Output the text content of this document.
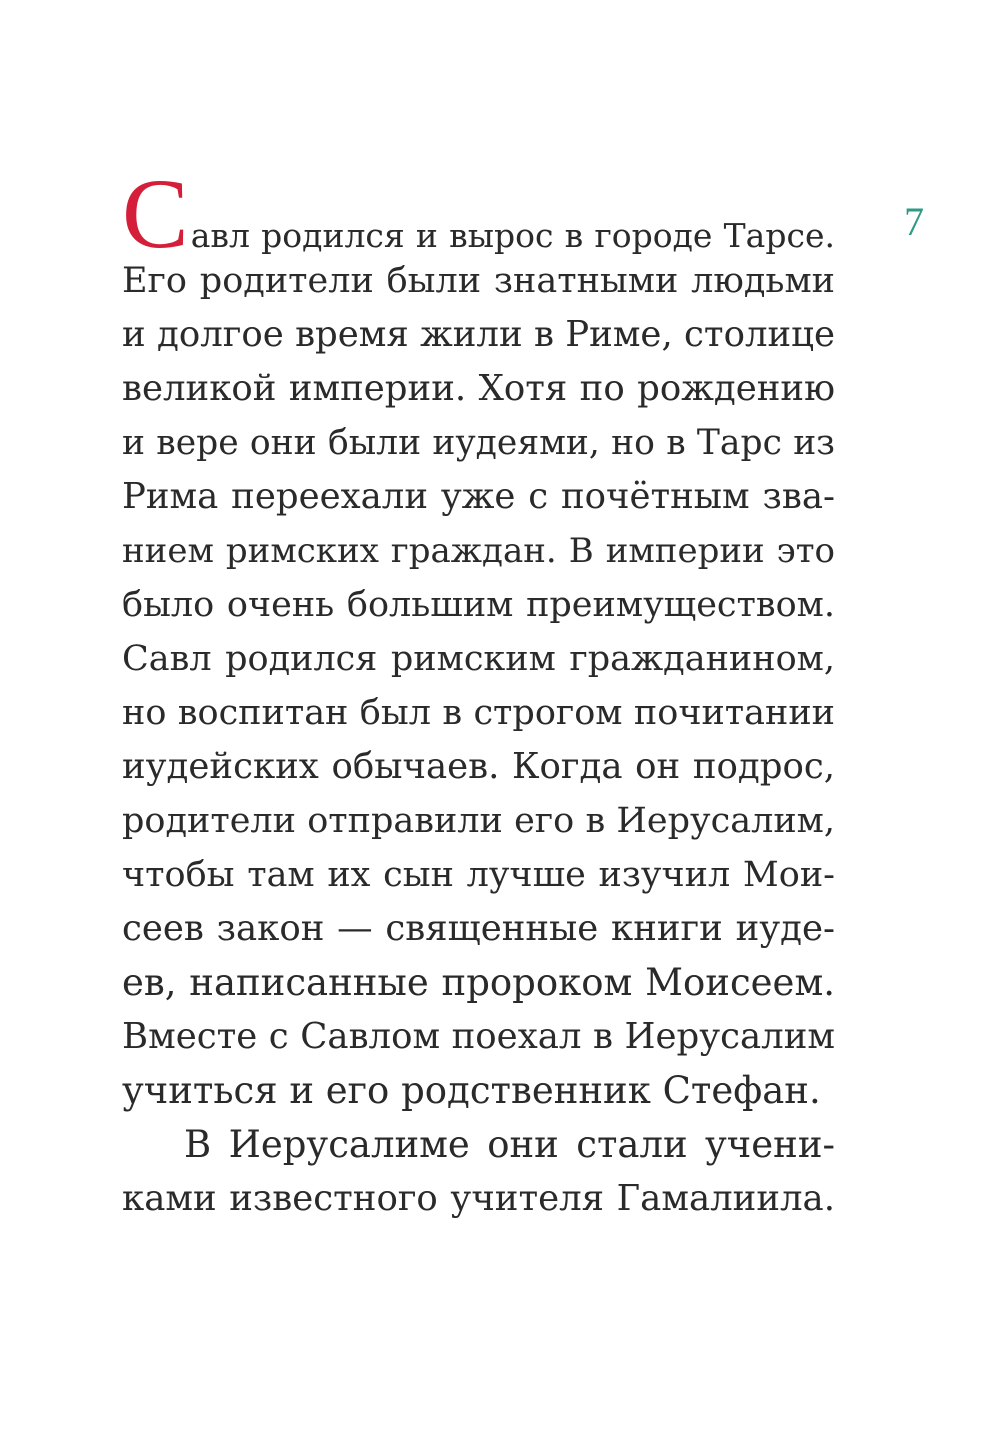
7
Савл родился и вырос в городе Тарсе.
Его родители были знатными людьми
и долгое время жили в Риме, столице
великой империи. Хотя по рождению
и вере они были иудеями, но в Тарс из
Рима переехали уже с почётным зва-
нием римских граждан. В империи это
было очень большим преимуществом.
Савл родился римским гражданином,
но воспитан был в строгом почитании
иудейских обычаев. Когда он подрос,
родители отправили его в Иерусалим,
чтобы там их сын лучше изучил Мои-
сеев закон — священные книги иуде-
ев, написанные пророком Моисеем.
Вместе с Савлом поехал в Иерусалим
учиться и его родственник Стефан.
В Иерусалиме они стали учени-
ками известного учителя Гамалиила.
